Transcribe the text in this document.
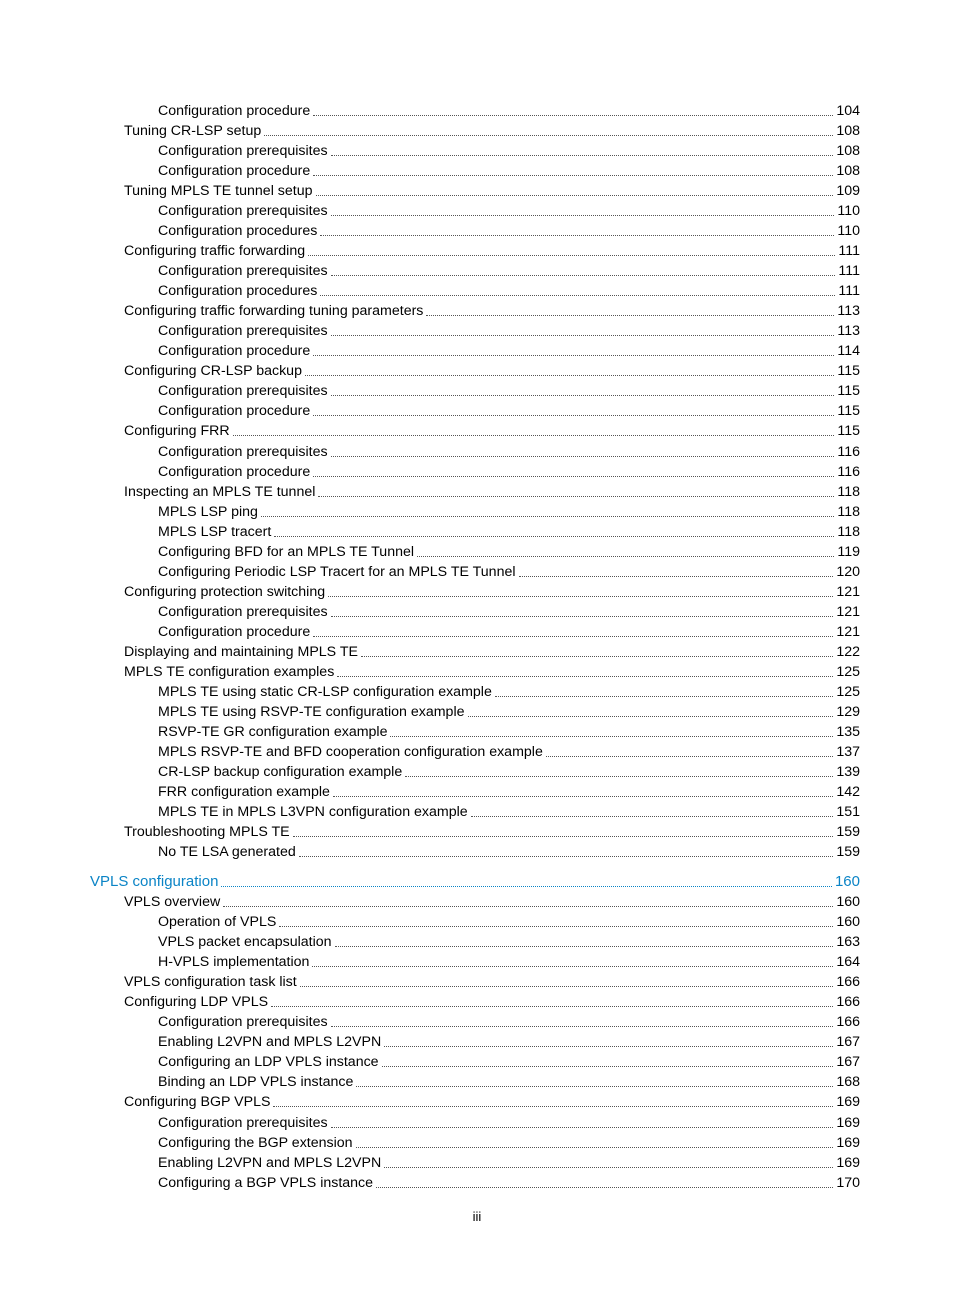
Configuration procedure	104
Tuning CR-LSP setup	108
Configuration prerequisites	108
Configuration procedure	108
Tuning MPLS TE tunnel setup	109
Configuration prerequisites	110
Configuration procedures	110
Configuring traffic forwarding	111
Configuration prerequisites	111
Configuration procedures	111
Configuring traffic forwarding tuning parameters	113
Configuration prerequisites	113
Configuration procedure	114
Configuring CR-LSP backup	115
Configuration prerequisites	115
Configuration procedure	115
Configuring FRR	115
Configuration prerequisites	116
Configuration procedure	116
Inspecting an MPLS TE tunnel	118
MPLS LSP ping	118
MPLS LSP tracert	118
Configuring BFD for an MPLS TE Tunnel	119
Configuring Periodic LSP Tracert for an MPLS TE Tunnel	120
Configuring protection switching	121
Configuration prerequisites	121
Configuration procedure	121
Displaying and maintaining MPLS TE	122
MPLS TE configuration examples	125
MPLS TE using static CR-LSP configuration example	125
MPLS TE using RSVP-TE configuration example	129
RSVP-TE GR configuration example	135
MPLS RSVP-TE and BFD cooperation configuration example	137
CR-LSP backup configuration example	139
FRR configuration example	142
MPLS TE in MPLS L3VPN configuration example	151
Troubleshooting MPLS TE	159
No TE LSA generated	159
VPLS configuration	160
VPLS overview	160
Operation of VPLS	160
VPLS packet encapsulation	163
H-VPLS implementation	164
VPLS configuration task list	166
Configuring LDP VPLS	166
Configuration prerequisites	166
Enabling L2VPN and MPLS L2VPN	167
Configuring an LDP VPLS instance	167
Binding an LDP VPLS instance	168
Configuring BGP VPLS	169
Configuration prerequisites	169
Configuring the BGP extension	169
Enabling L2VPN and MPLS L2VPN	169
Configuring a BGP VPLS instance	170
iii
